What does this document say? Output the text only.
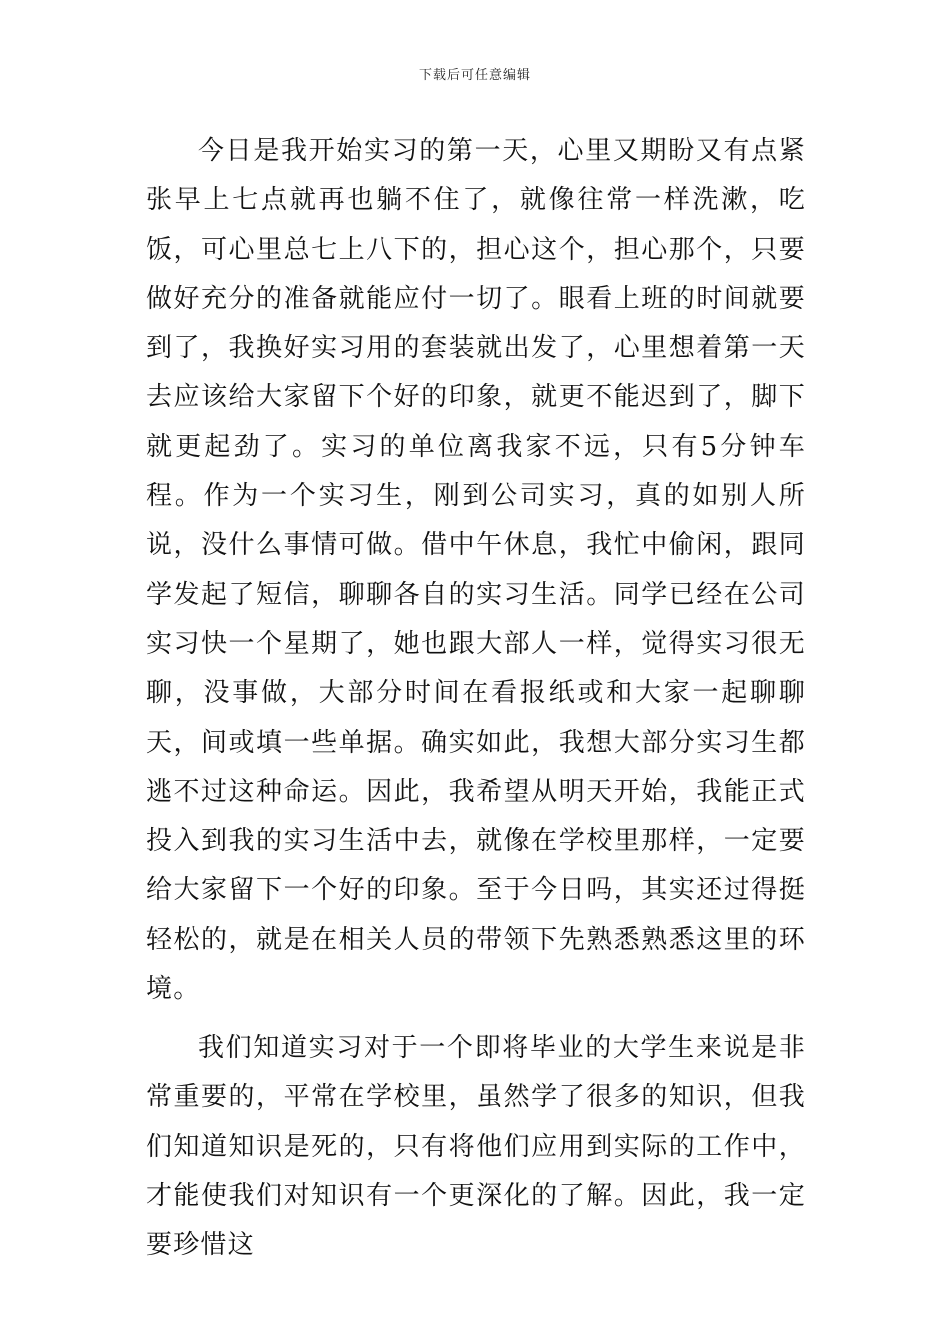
下载后可任意编辑

今日是我开始实习的第一天，心里又期盼又有点紧张早上七点就再也躺不住了，就像往常一样洗漱，吃饭，可心里总七上八下的，担心这个，担心那个，只要做好充分的准备就能应付一切了。眼看上班的时间就要到了，我换好实习用的套装就出发了，心里想着第一天去应该给大家留下个好的印象，就更不能迟到了，脚下就更起劲了。实习的单位离我家不远，只有5分钟车程。作为一个实习生，刚到公司实习，真的如别人所说，没什么事情可做。借中午休息，我忙中偷闲，跟同学发起了短信，聊聊各自的实习生活。同学已经在公司实习快一个星期了，她也跟大部人一样，觉得实习很无聊，没事做，大部分时间在看报纸或和大家一起聊聊天，间或填一些单据。确实如此，我想大部分实习生都逃不过这种命运。因此，我希望从明天开始，我能正式投入到我的实习生活中去，就像在学校里那样，一定要给大家留下一个好的印象。至于今日吗，其实还过得挺轻松的，就是在相关人员的带领下先熟悉熟悉这里的环境。

我们知道实习对于一个即将毕业的大学生来说是非常重要的，平常在学校里，虽然学了很多的知识，但我们知道知识是死的，只有将他们应用到实际的工作中，才能使我们对知识有一个更深化的了解。因此，我一定要珍惜这
